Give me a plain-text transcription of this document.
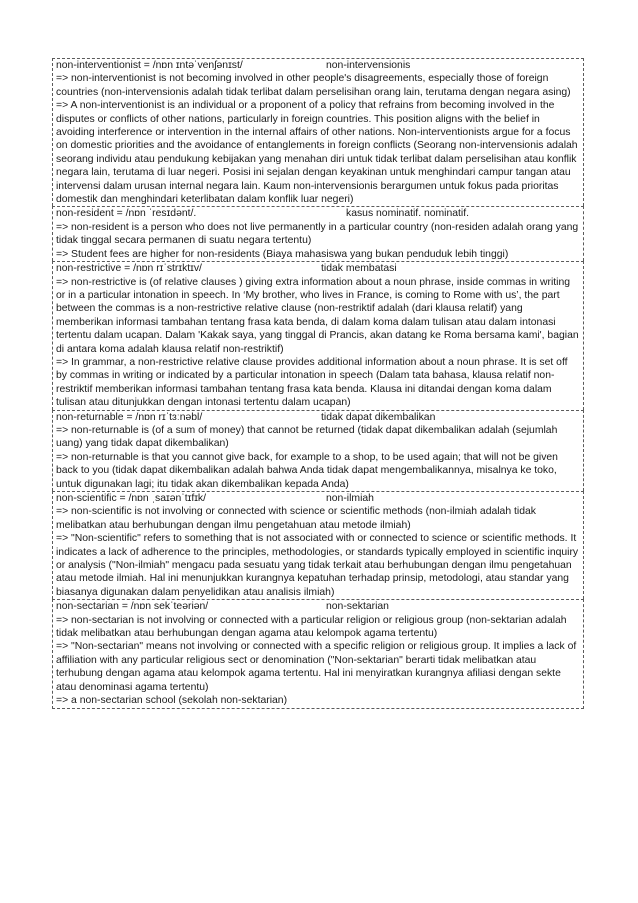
non-interventionist = /nɒn ɪntəˈvenʃənɪst/	non-intervensionis
=> non-interventionist is not becoming involved in other people's disagreements, especially those of foreign countries (non-intervensionis adalah tidak terlibat dalam perselisihan orang lain, terutama dengan negara asing)
=> A non-interventionist is an individual or a proponent of a policy that refrains from becoming involved in the disputes or conflicts of other nations, particularly in foreign countries. This position aligns with the belief in avoiding interference or intervention in the internal affairs of other nations. Non-interventionists argue for a focus on domestic priorities and the avoidance of entanglements in foreign conflicts (Seorang non-intervensionis adalah seorang individu atau pendukung kebijakan yang menahan diri untuk tidak terlibat dalam perselisihan atau konflik negara lain, terutama di luar negeri. Posisi ini sejalan dengan keyakinan untuk menghindari campur tangan atau intervensi dalam urusan internal negara lain. Kaum non-intervensionis berargumen untuk fokus pada prioritas domestik dan menghindari keterlibatan dalam konflik luar negeri)
non-resident = /nɒn ˈresɪdənt/.	kasus nominatif. nominatif.
=> non-resident is a person who does not live permanently in a particular country (non-residen adalah orang yang tidak tinggal secara permanen di suatu negara tertentu)
=> Student fees are higher for non-residents (Biaya mahasiswa yang bukan penduduk lebih tinggi)
non-restrictive = /nɒn rɪˈstrɪktɪv/	tidak membatasi
=> non-restrictive is (of relative clauses ) giving extra information about a noun phrase, inside commas in writing or in a particular intonation in speech. In ‘My brother, who lives in France, is coming to Rome with us’, the part between the commas is a non-restrictive relative clause (non-restriktif adalah (dari klausa relatif) yang memberikan informasi tambahan tentang frasa kata benda, di dalam koma dalam tulisan atau dalam intonasi tertentu dalam ucapan. Dalam 'Kakak saya, yang tinggal di Prancis, akan datang ke Roma bersama kami', bagian di antara koma adalah klausa relatif non-restriktif)
=> In grammar, a non-restrictive relative clause provides additional information about a noun phrase. It is set off by commas in writing or indicated by a particular intonation in speech (Dalam tata bahasa, klausa relatif non-restriktif memberikan informasi tambahan tentang frasa kata benda. Klausa ini ditandai dengan koma dalam tulisan atau ditunjukkan dengan intonasi tertentu dalam ucapan)
non-returnable = /nɒn rɪˈtɜːnəbl/	tidak dapat dikembalikan
=> non-returnable is (of a sum of money) that cannot be returned (tidak dapat dikembalikan adalah (sejumlah uang) yang tidak dapat dikembalikan)
=> non-returnable is that you cannot give back, for example to a shop, to be used again; that will not be given back to you (tidak dapat dikembalikan adalah bahwa Anda tidak dapat mengembalikannya, misalnya ke toko, untuk digunakan lagi; itu tidak akan dikembalikan kepada Anda)
non-scientific = /nɒn ˌsaɪənˈtɪfɪk/	non-ilmiah
=> non-scientific is not involving or connected with science or scientific methods (non-ilmiah adalah tidak melibatkan atau berhubungan dengan ilmu pengetahuan atau metode ilmiah)
=> "Non-scientific" refers to something that is not associated with or connected to science or scientific methods. It indicates a lack of adherence to the principles, methodologies, or standards typically employed in scientific inquiry or analysis ("Non-ilmiah" mengacu pada sesuatu yang tidak terkait atau berhubungan dengan ilmu pengetahuan atau metode ilmiah. Hal ini menunjukkan kurangnya kepatuhan terhadap prinsip, metodologi, atau standar yang biasanya digunakan dalam penyelidikan atau analisis ilmiah)
non-sectarian = /nɒn sekˈteəriən/	non-sektarian
=> non-sectarian is not involving or connected with a particular religion or religious group (non-sektarian adalah tidak melibatkan atau berhubungan dengan agama atau kelompok agama tertentu)
=> "Non-sectarian" means not involving or connected with a specific religion or religious group. It implies a lack of affiliation with any particular religious sect or denomination ("Non-sektarian" berarti tidak melibatkan atau terhubung dengan agama atau kelompok agama tertentu. Hal ini menyiratkan kurangnya afiliasi dengan sekte atau denominasi agama tertentu)
=> a non-sectarian school (sekolah non-sektarian)
